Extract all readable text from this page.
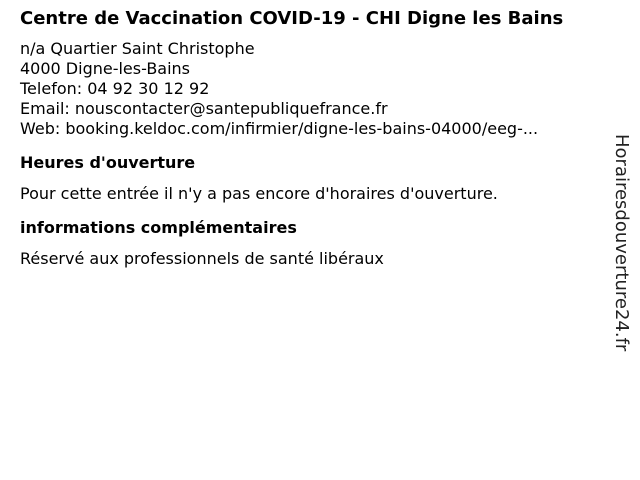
Centre de Vaccination COVID-19 - CHI Digne les Bains
n/a Quartier Saint Christophe
4000 Digne-les-Bains
Telefon: 04 92 30 12 92
Email: nouscontacter@santepubliquefrance.fr
Web: booking.keldoc.com/infirmier/digne-les-bains-04000/eeg-...
Heures d'ouverture
Pour cette entrée il n'y a pas encore d'horaires d'ouverture.
informations complémentaires
Réservé aux professionnels de santé libéraux	Horairesdouverture24.fr
